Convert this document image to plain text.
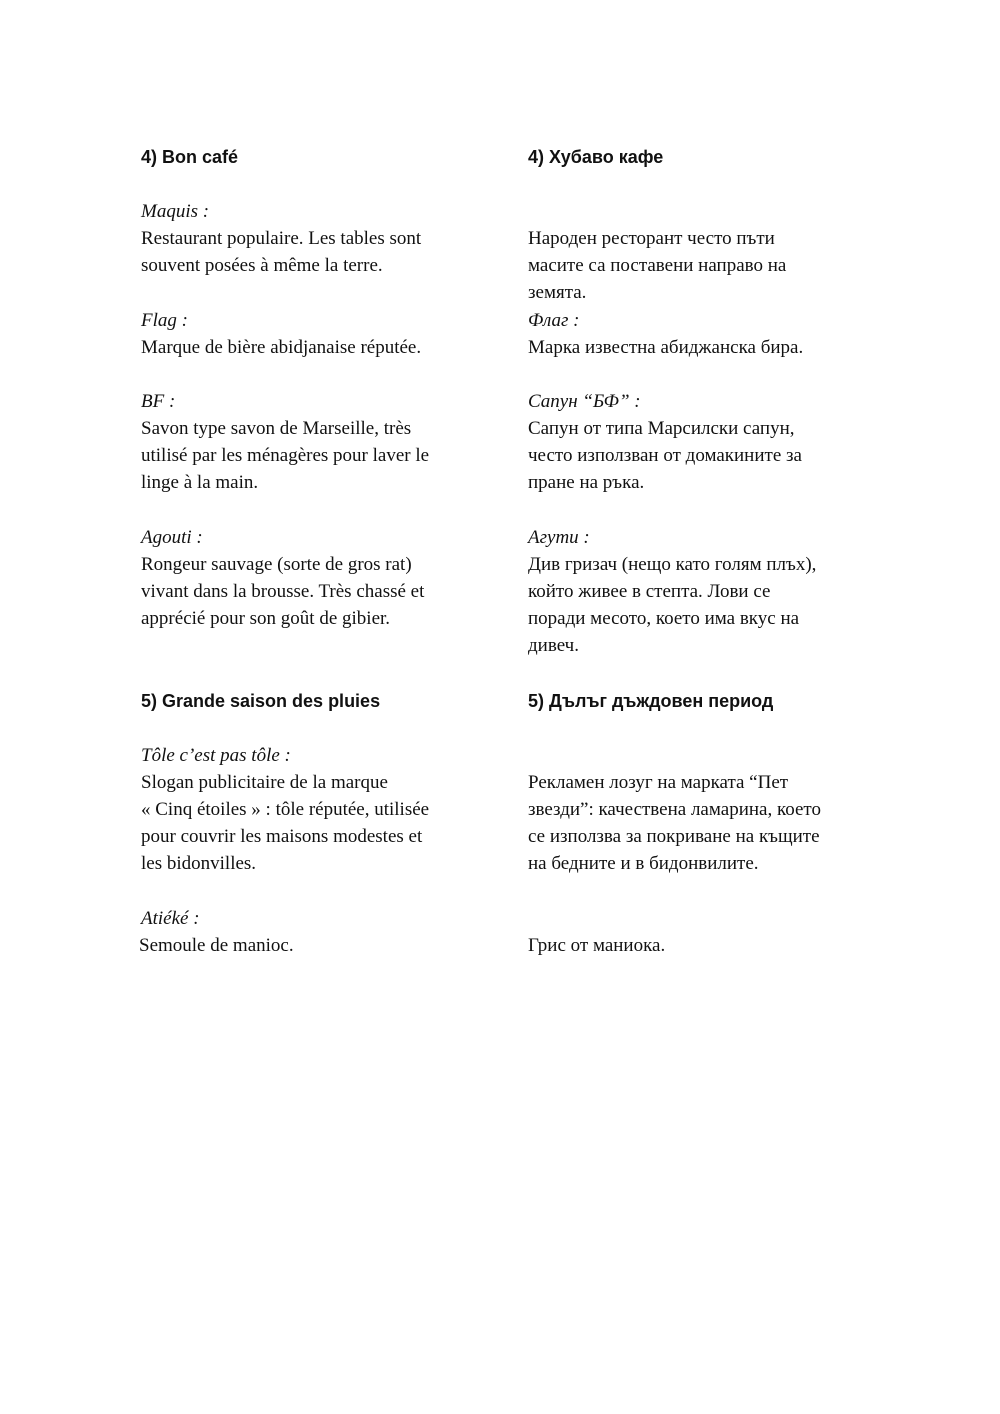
4) Bon café

Maquis :

Restaurant populaire. Les tables sont

souvent posées à même la terre.

Flag :

Marque de bière abidjanaise réputée.

BF :

Savon type savon de Marseille, très

utilisé par les ménagères pour laver le

linge à la main.

Agouti :

Rongeur sauvage (sorte de gros rat)

vivant dans la brousse. Très chassé et

apprécié pour son goût de gibier.

5) Grande saison des pluies

Tôle c’est pas tôle :

Slogan publicitaire de la marque

« Cinq étoiles » : tôle réputée, utilisée

pour couvrir les maisons modestes et

les bidonvilles.

Atiéké :

Semoule de manioc.

4) Хубаво кафе

Народен ресторант често пъти

масите са поставени направо на

земята.

Флаг :

Марка известна абиджанска бира.

Сапун “БФ” :

Сапун от типа Марсилски сапун,

често използван от домакините за

пране на ръка.

Агути :

Див гризач (нещо като голям плъх),

който живее в степта. Лови се

поради месото, което има вкус на

дивеч.

5) Дълъг дъждовен период

Рекламен лозуг на марката “Пет

звезди”: качествена ламарина, което

се използва за покриване на къщите

на бедните и в бидонвилите.

Грис от маниока.
